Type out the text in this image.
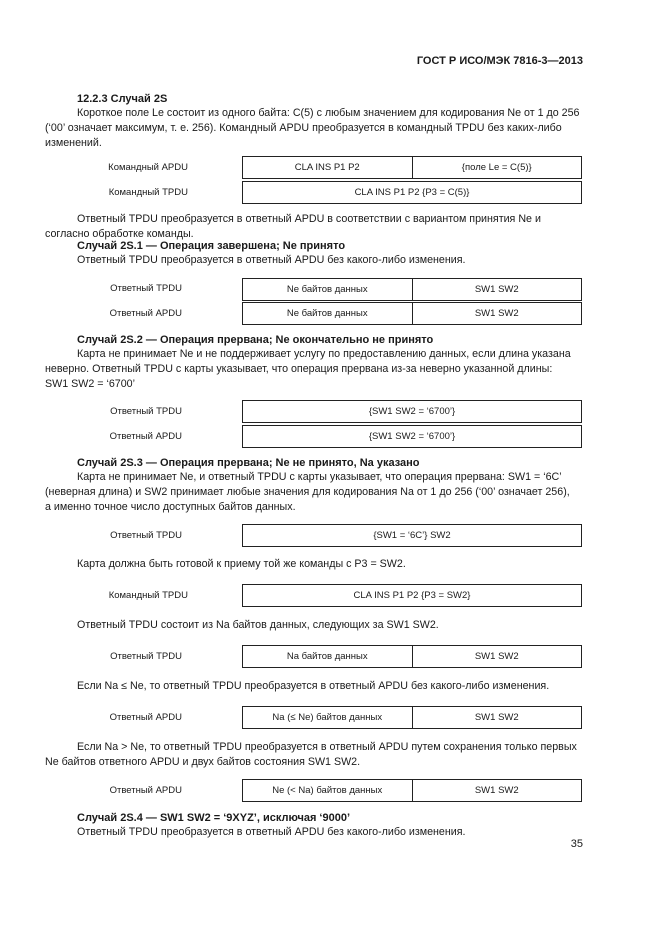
ГОСТ Р ИСО/МЭК 7816-3—2013
12.2.3 Случай 2S
Короткое поле Le состоит из одного байта: C(5) с любым значением для кодирования Ne от 1 до 256
(‘00’ означает максимум, т. е. 256). Командный APDU преобразуется в командный TPDU без каких-либо
изменений.
Командный APDU	CLA INS P1 P2	{поле Le = C(5)}
Командный TPDU	CLA INS P1 P2 {P3 = C(5)}
Ответный TPDU преобразуется в ответный APDU в соответствии с вариантом принятия Ne и
согласно обработке команды.
Случай 2S.1 — Операция завершена; Ne принято
Ответный TPDU преобразуется в ответный APDU без какого-либо изменения.
Ответный TPDU	Ne байтов данных	SW1 SW2
Ответный APDU	Ne байтов данных	SW1 SW2
Случай 2S.2 — Операция прервана; Ne окончательно не принято
Карта не принимает Ne и не поддерживает услугу по предоставлению данных, если длина указана
неверно. Ответный TPDU с карты указывает, что операция прервана из-за неверно указанной длины:
SW1 SW2 = ‘6700’
Ответный TPDU	{SW1 SW2 = ‘6700’}
Ответный APDU	{SW1 SW2 = ‘6700’}
Случай 2S.3 — Операция прервана; Ne не принято, Na указано
Карта не принимает Ne, и ответный TPDU с карты указывает, что операция прервана: SW1 = ‘6C’
(неверная длина) и SW2 принимает любые значения для кодирования Na от 1 до 256 (‘00’ означает 256),
а именно точное число доступных байтов данных.
Ответный TPDU	{SW1 = ‘6C’} SW2
Карта должна быть готовой к приему той же команды с P3 = SW2.
Командный TPDU	CLA INS P1 P2 {P3 = SW2}
Ответный TPDU состоит из Na байтов данных, следующих за SW1 SW2.
Ответный TPDU	Na байтов данных	SW1 SW2
Если Na ≤ Ne, то ответный TPDU преобразуется в ответный APDU без какого-либо изменения.
Ответный APDU	Na (≤ Ne) байтов данных	SW1 SW2
Если Na > Ne, то ответный TPDU преобразуется в ответный APDU путем сохранения только первых
Ne байтов ответного APDU и двух байтов состояния SW1 SW2.
Ответный APDU	Ne (< Na) байтов данных	SW1 SW2
Случай 2S.4 — SW1 SW2 = ‘9XYZ’, исключая ‘9000’
Ответный TPDU преобразуется в ответный APDU без какого-либо изменения.
35
